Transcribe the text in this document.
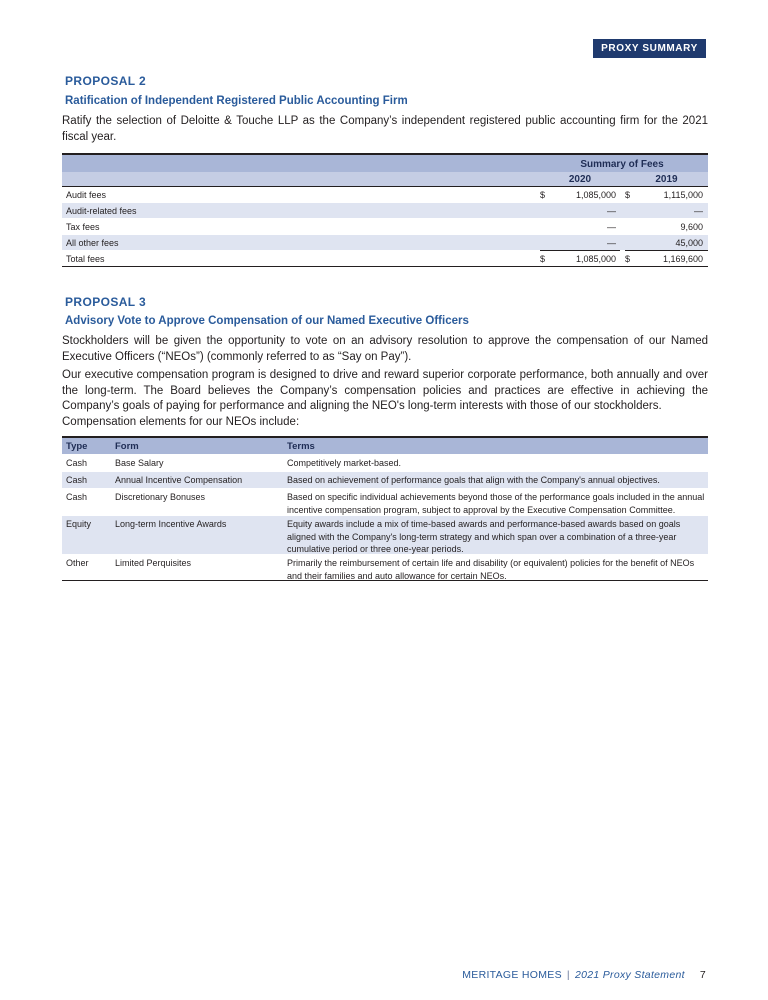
PROXY SUMMARY
PROPOSAL 2
Ratification of Independent Registered Public Accounting Firm
Ratify the selection of Deloitte & Touche LLP as the Company’s independent registered public accounting firm for the 2021 fiscal year.
Summary of Fees
2020	2019
Audit fees	$	1,085,000 $	1,115,000
Audit-related fees	—	—
Tax fees	—	9,600
All other fees	—	45,000
Total fees	$	1,085,000 $	1,169,600
PROPOSAL 3
Advisory Vote to Approve Compensation of our Named Executive Officers
Stockholders will be given the opportunity to vote on an advisory resolution to approve the compensation of our Named Executive Officers (“NEOs”) (commonly referred to as “Say on Pay”).
Our executive compensation program is designed to drive and reward superior corporate performance, both annually and over the long-term. The Board believes the Company’s compensation policies and practices are effective in achieving the Company’s goals of paying for performance and aligning the NEO's long-term interests with those of our stockholders.
Compensation elements for our NEOs include:
Type	Form	Terms
Cash	Base Salary	Competitively market-based.
Cash	Annual Incentive Compensation	Based on achievement of performance goals that align with the Company's annual objectives.
Cash	Discretionary Bonuses	Based on specific individual achievements beyond those of the performance goals included in the annual incentive compensation program, subject to approval by the Executive Compensation Committee.
Equity	Long-term Incentive Awards	Equity awards include a mix of time-based awards and performance-based awards based on goals aligned with the Company's long-term strategy and which span over a combination of a three-year cumulative period or three one-year periods.
Other	Limited Perquisites	Primarily the reimbursement of certain life and disability (or equivalent) policies for the benefit of NEOs and their families and auto allowance for certain NEOs.
MERITAGE HOMES | 2021 Proxy Statement 7
